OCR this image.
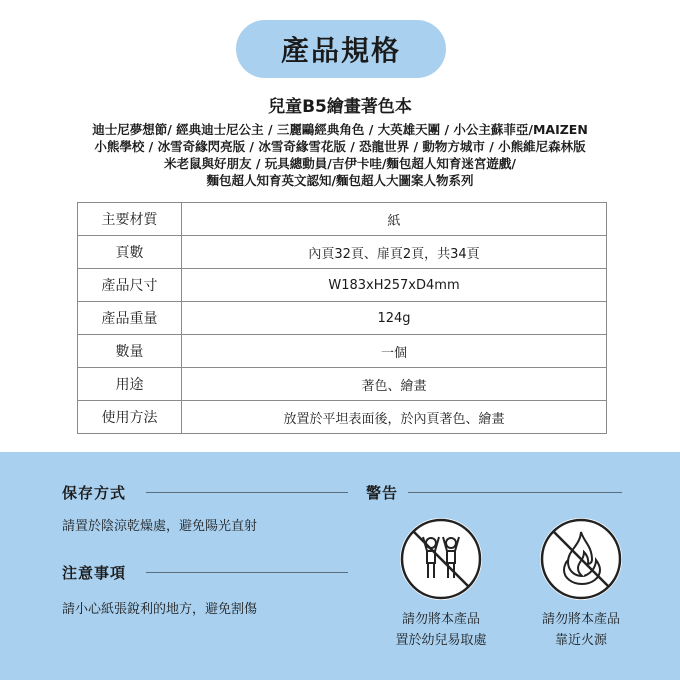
產品規格
兒童B5繪畫著色本
迪士尼夢想節/ 經典迪士尼公主 / 三麗鷗經典角色 / 大英雄天團 / 小公主蘇菲亞/MAIZEN
小熊學校 / 冰雪奇緣閃亮版 / 冰雪奇緣雪花版 / 恐龍世界 / 動物方城市 / 小熊維尼森林版
米老鼠與好朋友 / 玩具總動員/吉伊卡哇/麵包超人知育迷宮遊戲/
麵包超人知育英文認知/麵包超人大圖案人物系列
主要材質	紙
頁數	內頁32頁、扉頁2頁，共34頁
產品尺寸	W183xH257xD4mm
產品重量	124g
數量	一個
用途	著色、繪畫
使用方法	放置於平坦表面後，於內頁著色、繪畫
保存方式
請置於陰涼乾燥處，避免陽光直射
注意事項
請小心紙張銳利的地方，避免割傷
警告
請勿將本產品
置於幼兒易取處
請勿將本產品
靠近火源
